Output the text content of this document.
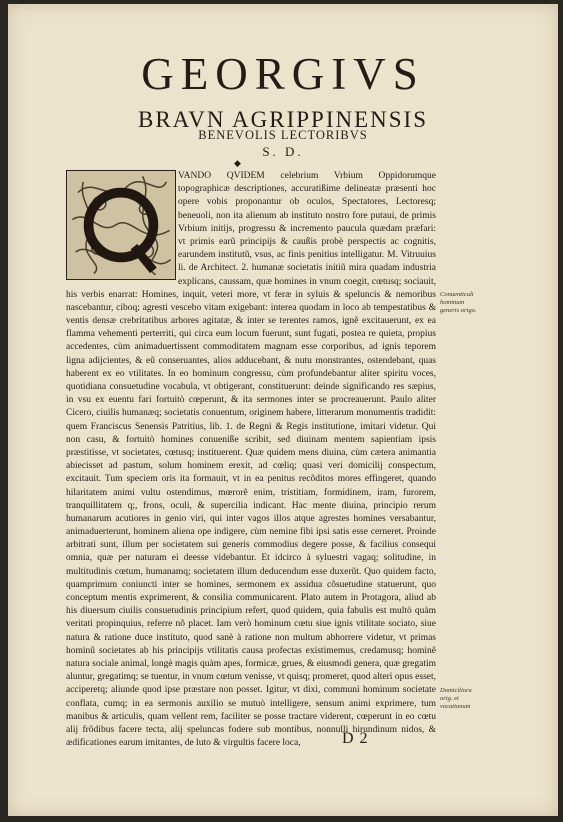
GEORGIVS
BRAVN AGRIPPINENSIS
BENEVOLIS LECTORIBVS
S. D.
◆

VANDO QVIDEM celebrium Vrbium Oppidorumque topographicæ descriptiones, accuratißime delineatæ præsenti hoc opere vobis proponantur ob oculos, Spectatores, Lectoresq; beneuoli, non ita alienum ab instituto nostro fore putaui, de primis Vrbium initijs, progressu & incremento paucula quædam præfari: vt primis earũ principijs & caußis probè perspectis ac cognitis, earundem institutũ, vsus, ac finis penitius intelligatur. M. Vitruuius li. de Architect. 2. humanæ societatis initiũ mira quadam industria explicans, caussam, quæ homines in vnum coegit, cœtusq; sociauit, his verbis enarrat: Homines, inquit, veteri more, vt feræ in syluis & speluncis & nemoribus nascebantur, ciboq; agresti vescebo vitam exigebant: interea quodam in loco ab tempestatibus & ventis densæ crebritatibus arbores agitatæ, & inter se terentes ramos, ignẽ excitauerunt, ex ea flamma vehementi perterriti, qui circa eum locum fuerunt, sunt fugati, postea re quieta, propius accedentes, cùm animaduertissent commoditatem magnam esse corporibus, ad ignis teporem ligna adijcientes, & eũ conseruantes, alios adducebant, & nutu monstrantes, ostendebant, quas haberent ex eo vtilitates. In eo hominum congressu, cùm profundebantur aliter spiritu voces, quotidiana consuetudine vocabula, vt obtigerant, constituerunt: deinde significando res sæpius, in vsu ex euentu fari fortuitò cœperunt, & ita sermones inter se procreauerunt. Paulo aliter Cicero, ciuilis humanæq; societatis conuentum, originem habere, litterarum monumentis tradidit: quem Franciscus Senensis Patritius, lib. 1. de Regni & Regis institutione, imitari videtur. Qui non casu, & fortuitò homines conueniße scribit, sed diuinam mentem sapientiam ipsis præstitisse, vt societates, cœtusq; instituerent. Quæ quidem mens diuina, cùm cætera animantia abiecisset ad pastum, solum hominem erexit, ad cœliq; quasi veri domicilij conspectum, excitauit. Tum speciem oris ita formauit, vt in ea penitus recõditos mores effingeret, quando hilaritatem animi vultu ostendimus, mœrorẽ enim, tristitiam, formidinem, iram, furorem, tranquillitatem q;, frons, oculi, & supercilia indicant. Hac mente diuina, principio rerum humanarum acutiores in genio viri, qui inter vagos illos atque agrestes homines versabantur, animaduerterunt, hominem aliena ope indigere, cùm nemine fibi ipsi satis esse cerneret. Proinde arbitrati sunt, illum per societatem sui generis commodius degere posse, & facilius consequi omnia, quæ per naturam ei deesse videbantur. Et idcirco à syluestri vagaq; solitudine, in multitudinis cœtum, humanamq; societatem illum deducendum esse duxerũt. Quo quidem facto, quamprimum coniuncti inter se homines, sermonem ex assidua cõsuetudine statuerunt, quo conceptum mentis exprimerent, & consilia communicarent. Plato autem in Protagora, aliud ab his diuersum ciuilis consuetudinis principium refert, quod quidem, quia fabulis est multò quàm veritati propinquius, referre nõ placet. Iam verò hominum cœtu siue ignis vtilitate sociato, siue natura & ratione duce instituto, quod sanè à ratione non multum abhorrere videtur, vt primas hominũ societates ab his principijs vtilitatis causa profectas existimemus, credamusq; hominẽ natura sociale animal, longè magis quàm apes, formicæ, grues, & eiusmodi genera, quæ gregatim aluntur, gregatimq; se tuentur, in vnum cœtum venisse, vt quisq; promeret, quod alteri opus esset, acciperetq; aliunde quod ipse præstare non posset. Igitur, vt dixi, communi hominum societate conflata, cumq; in ea sermonis auxilio se mutuò intelligere, sensum animi exprimere, tum manibus & articulis, quam vellent rem, faciliter se posse tractare viderent, cœperunt in eo cœtu alij frõdibus facere tecta, alij speluncas fodere sub montibus, nonnulli hirundinum nidos, & ædificationes earum imitantes, de luto & virgultis facere loca,

Conuenticuli hominum generis origo.
Domicilioru orig. et vocationum
D 2
